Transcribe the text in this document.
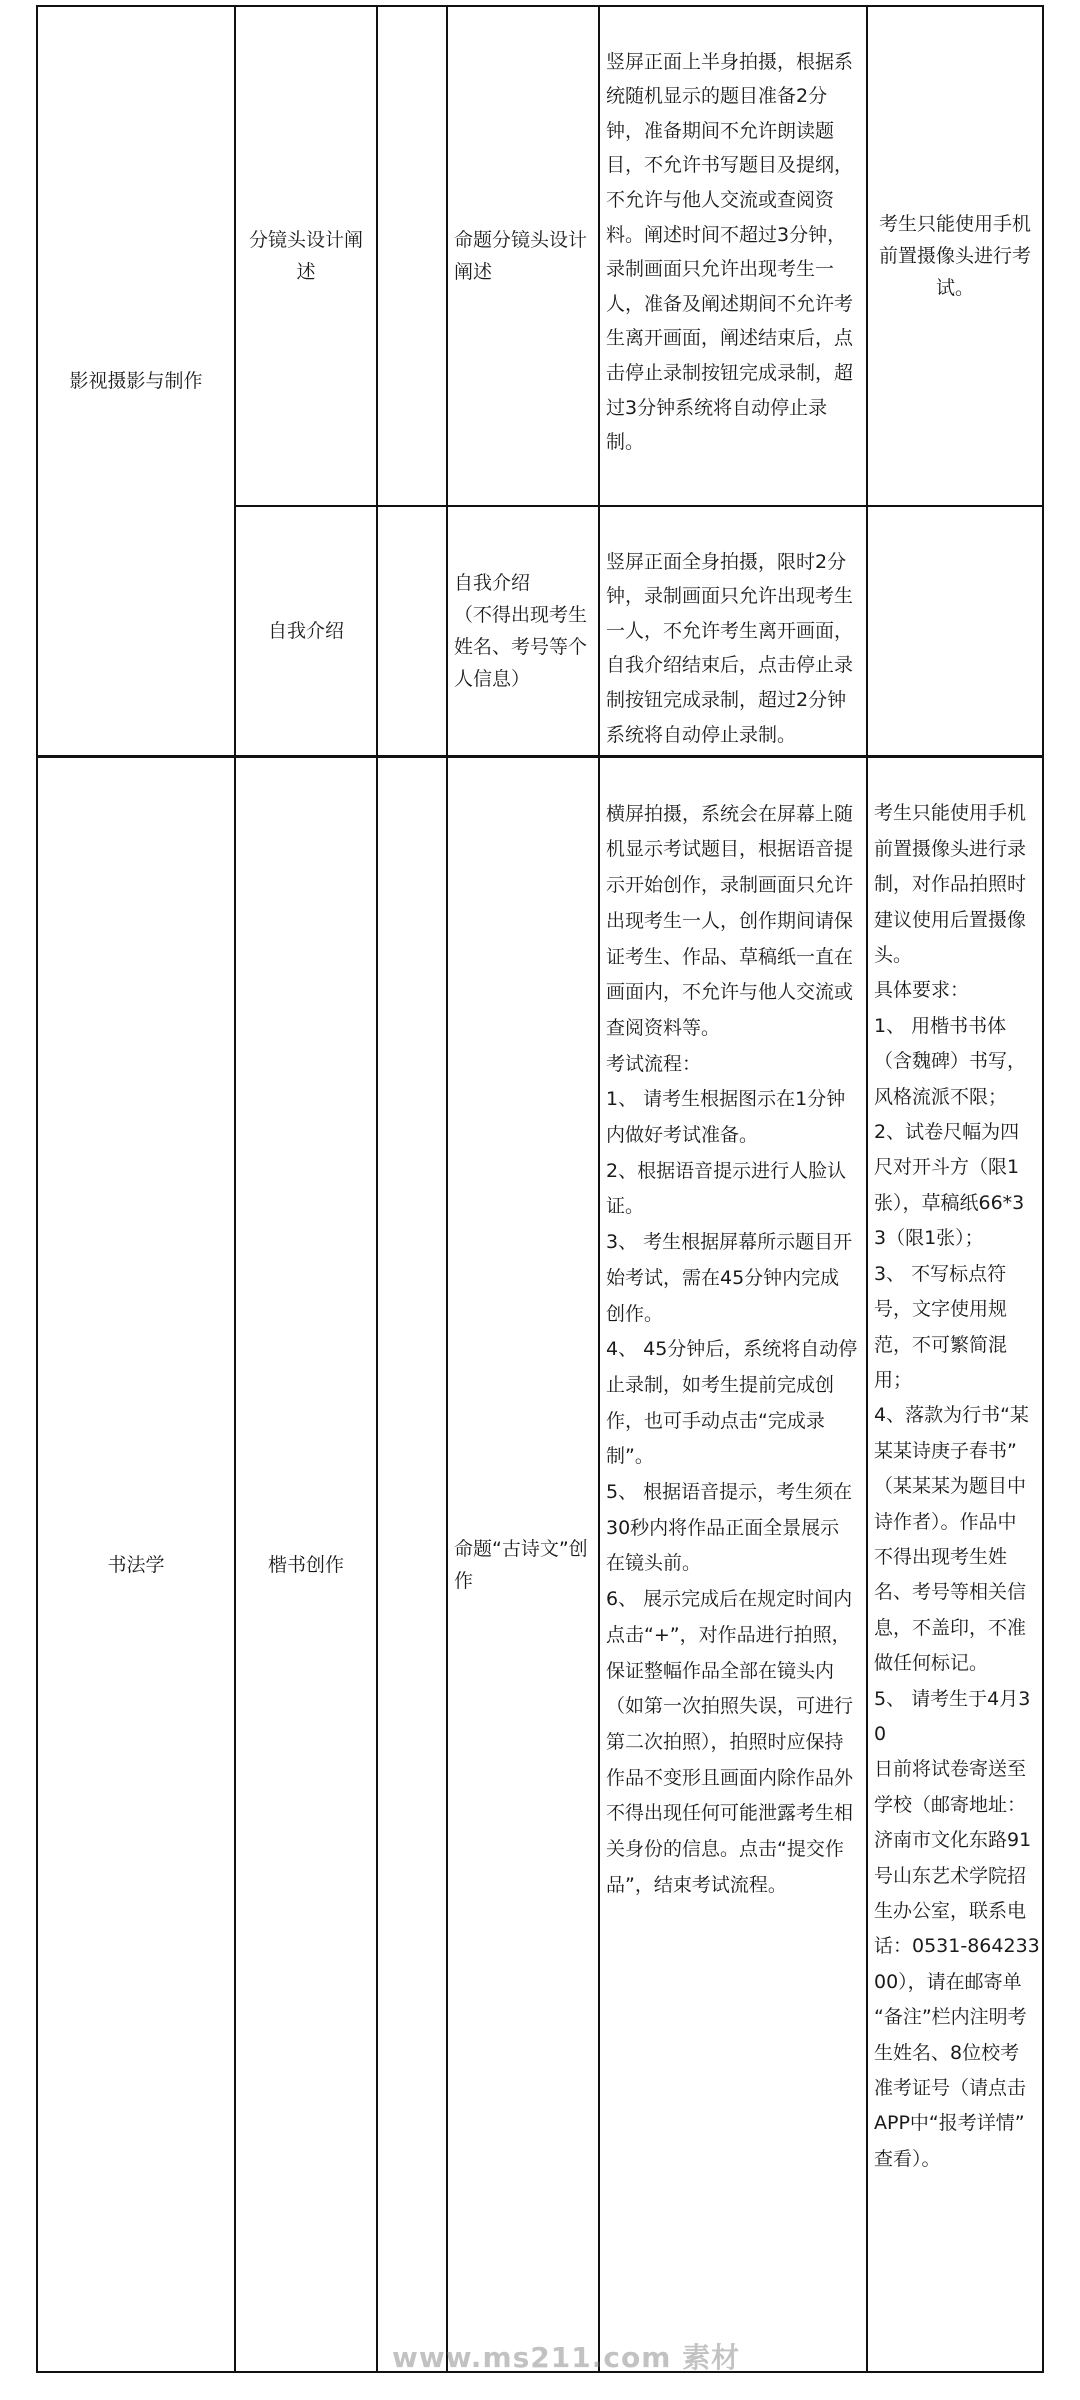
影视摄影与制作
分镜头设计阐
述
命题分镜头设计
阐述

竖屏正面上半身拍摄，根据系
统随机显示的题目准备2分
钟，准备期间不允许朗读题
目，不允许书写题目及提纲，
不允许与他人交流或查阅资
料。阐述时间不超过3分钟，
录制画面只允许出现考生一
人，准备及阐述期间不允许考
生离开画面，阐述结束后，点
击停止录制按钮完成录制，超
过3分钟系统将自动停止录
制。

考生只能使用手机
前置摄像头进行考
试。
自我介绍
自我介绍
（不得出现考生
姓名、考号等个
人信息）

竖屏正面全身拍摄，限时2分
钟，录制画面只允许出现考生
一人，不允许考生离开画面，
自我介绍结束后，点击停止录
制按钮完成录制，超过2分钟
系统将自动停止录制。

书法学	楷书创作
命题“古诗文”创
作

横屏拍摄，系统会在屏幕上随
机显示考试题目，根据语音提
示开始创作，录制画面只允许
出现考生一人，创作期间请保
证考生、作品、草稿纸一直在
画面内，不允许与他人交流或
查阅资料等。
考试流程：
1、 请考生根据图示在1分钟
内做好考试准备。
2、根据语音提示进行人脸认
证。
3、 考生根据屏幕所示题目开
始考试，需在45分钟内完成
创作。
4、 45分钟后，系统将自动停
止录制，如考生提前完成创
作，也可手动点击“完成录
制”。
5、 根据语音提示，考生须在
30秒内将作品正面全景展示
在镜头前。
6、 展示完成后在规定时间内
点击“+”，对作品进行拍照，
保证整幅作品全部在镜头内
（如第一次拍照失误，可进行
第二次拍照），拍照时应保持
作品不变形且画面内除作品外
不得出现任何可能泄露考生相
关身份的信息。点击“提交作
品”，结束考试流程。

考生只能使用手机
前置摄像头进行录
制，对作品拍照时
建议使用后置摄像
头。
具体要求：
1、 用楷书书体
（含魏碑）书写，
风格流派不限；
2、试卷尺幅为四
尺对开斗方（限1
张），草稿纸66*3
3（限1张）；
3、 不写标点符
号，文字使用规
范，不可繁简混
用；
4、落款为行书“某
某某诗庚子春书”
（某某某为题目中
诗作者）。作品中
不得出现考生姓
名、考号等相关信
息，不盖印，不准
做任何标记。
5、 请考生于4月30
日前将试卷寄送至
学校（邮寄地址：
济南市文化东路91
号山东艺术学院招
生办公室，联系电
话：0531-864233
00），请在邮寄单
“备注”栏内注明考
生姓名、8位校考
准考证号（请点击
APP中“报考详情”
查看）。

www.ms211.com 素材
